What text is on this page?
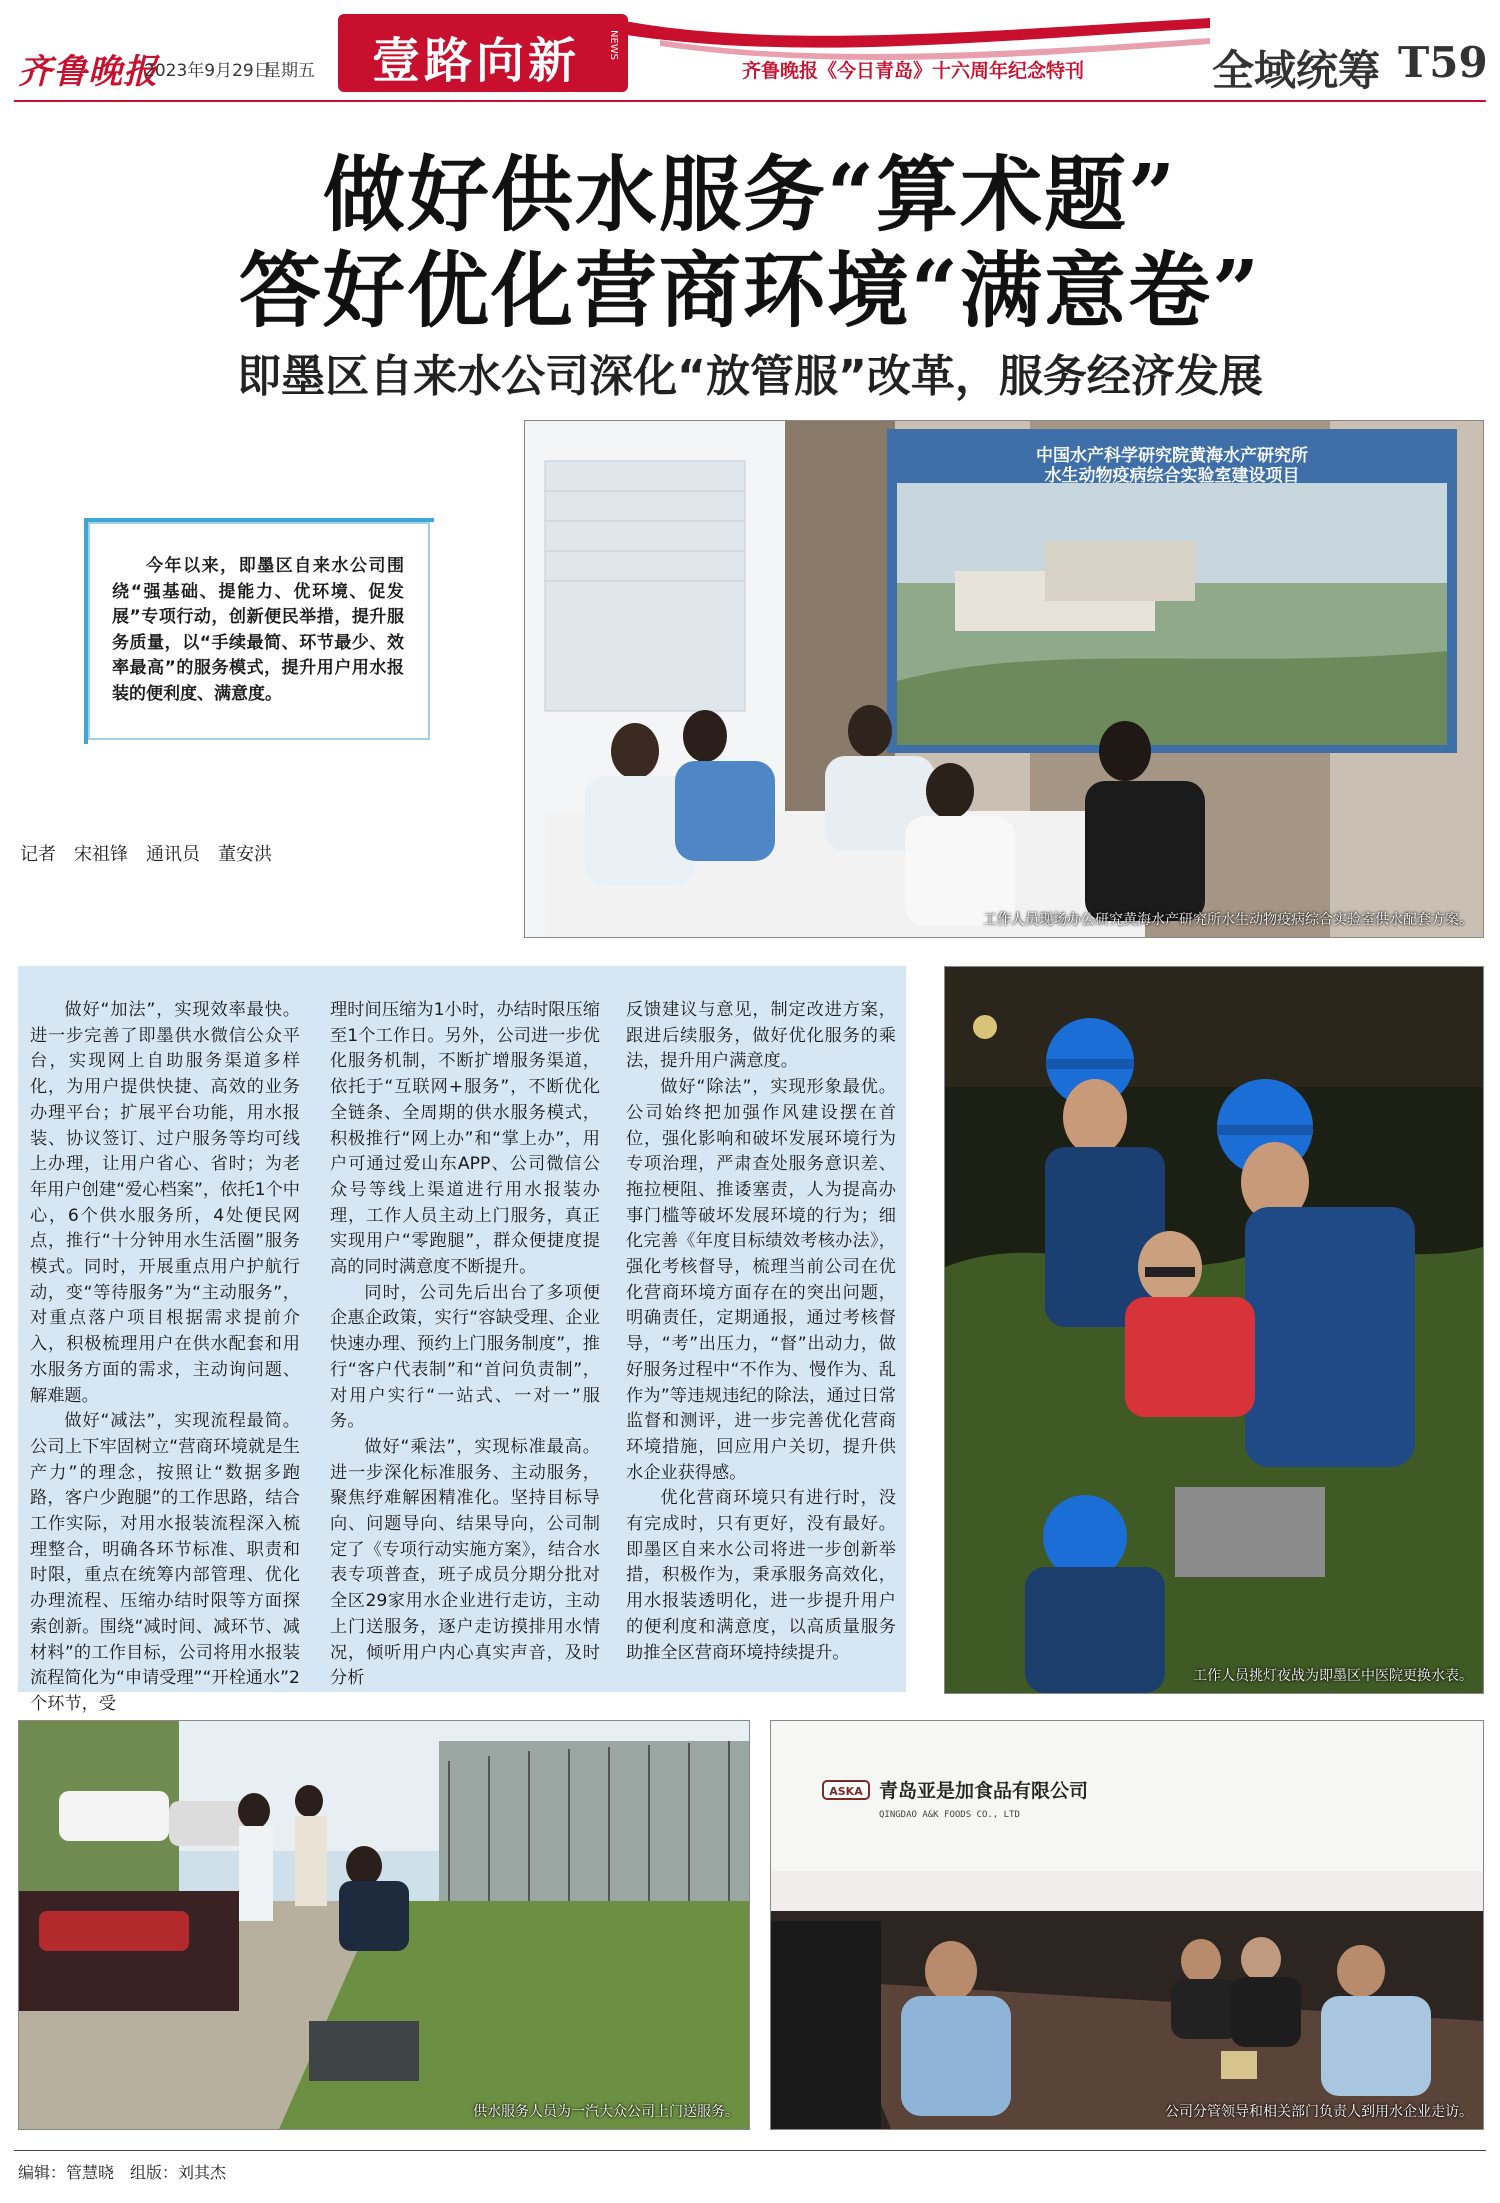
齐鲁晚报
2023年9月29日
星期五 壹路向新	NEWS
齐鲁晚报《今日青岛》十六周年纪念特刊	全域统筹 T59
做好供水服务“算术题”
答好优化营商环境“满意卷”
即墨区自来水公司深化“放管服”改革，服务经济发展
今年以来，即墨区自来水公司围绕“强基础、提能力、优环境、促发展”专项行动，创新便民举措，提升服务质量，以“手续最简、环节最少、效率最高”的服务模式，提升用户用水报装的便利度、满意度。
记者　宋祖锋　通讯员　董安洪
中国水产科学研究院黄海水产研究所
水生动物疫病综合实验室建设项目
工作人员现场办公研究黄海水产研究所水生动物疫病综合实验室供水配套方案。

做好“加法”，实现效率最快。进一步完善了即墨供水微信公众平台，实现网上自助服务渠道多样化，为用户提供快捷、高效的业务办理平台；扩展平台功能，用水报装、协议签订、过户服务等均可线上办理，让用户省心、省时；为老年用户创建“爱心档案”，依托1个中心，6个供水服务所，4处便民网点，推行“十分钟用水生活圈”服务模式。同时，开展重点用户护航行动，变“等待服务”为“主动服务”，对重点落户项目根据需求提前介入，积极梳理用户在供水配套和用水服务方面的需求，主动询问题、解难题。

做好“减法”，实现流程最简。公司上下牢固树立“营商环境就是生产力”的理念，按照让“数据多跑路，客户少跑腿”的工作思路，结合工作实际，对用水报装流程深入梳理整合，明确各环节标准、职责和时限，重点在统筹内部管理、优化办理流程、压缩办结时限等方面探索创新。围绕“减时间、减环节、减材料”的工作目标，公司将用水报装流程简化为“申请受理”“开栓通水”2个环节，受

理时间压缩为1小时，办结时限压缩至1个工作日。另外，公司进一步优化服务机制，不断扩增服务渠道，依托于“互联网+服务”，不断优化全链条、全周期的供水服务模式，积极推行“网上办”和“掌上办”，用户可通过爱山东APP、公司微信公众号等线上渠道进行用水报装办理，工作人员主动上门服务，真正实现用户“零跑腿”，群众便捷度提高的同时满意度不断提升。

同时，公司先后出台了多项便企惠企政策，实行“容缺受理、企业快速办理、预约上门服务制度”，推行“客户代表制”和“首问负责制”，对用户实行“一站式、一对一”服务。

做好“乘法”，实现标准最高。进一步深化标准服务、主动服务，聚焦纾难解困精准化。坚持目标导向、问题导向、结果导向，公司制定了《专项行动实施方案》，结合水表专项普查，班子成员分期分批对全区29家用水企业进行走访，主动上门送服务，逐户走访摸排用水情况，倾听用户内心真实声音，及时分析

反馈建议与意见，制定改进方案，跟进后续服务，做好优化服务的乘法，提升用户满意度。

做好“除法”，实现形象最优。公司始终把加强作风建设摆在首位，强化影响和破坏发展环境行为专项治理，严肃查处服务意识差、拖拉梗阻、推诿塞责，人为提高办事门槛等破坏发展环境的行为；细化完善《年度目标绩效考核办法》，强化考核督导，梳理当前公司在优化营商环境方面存在的突出问题，明确责任，定期通报，通过考核督导，“考”出压力，“督”出动力，做好服务过程中“不作为、慢作为、乱作为”等违规违纪的除法，通过日常监督和测评，进一步完善优化营商环境措施，回应用户关切，提升供水企业获得感。

优化营商环境只有进行时，没有完成时，只有更好，没有最好。即墨区自来水公司将进一步创新举措，积极作为，秉承服务高效化，用水报装透明化，进一步提升用户的便利度和满意度，以高质量服务助推全区营商环境持续提升。

工作人员挑灯夜战为即墨区中医院更换水表。
供水服务人员为一汽大众公司上门送服务。
ASKA 青岛亚是加食品有限公司
QINGDAO A&K FOODS CO., LTD
公司分管领导和相关部门负责人到用水企业走访。
编辑：管慧晓　组版：刘其杰
